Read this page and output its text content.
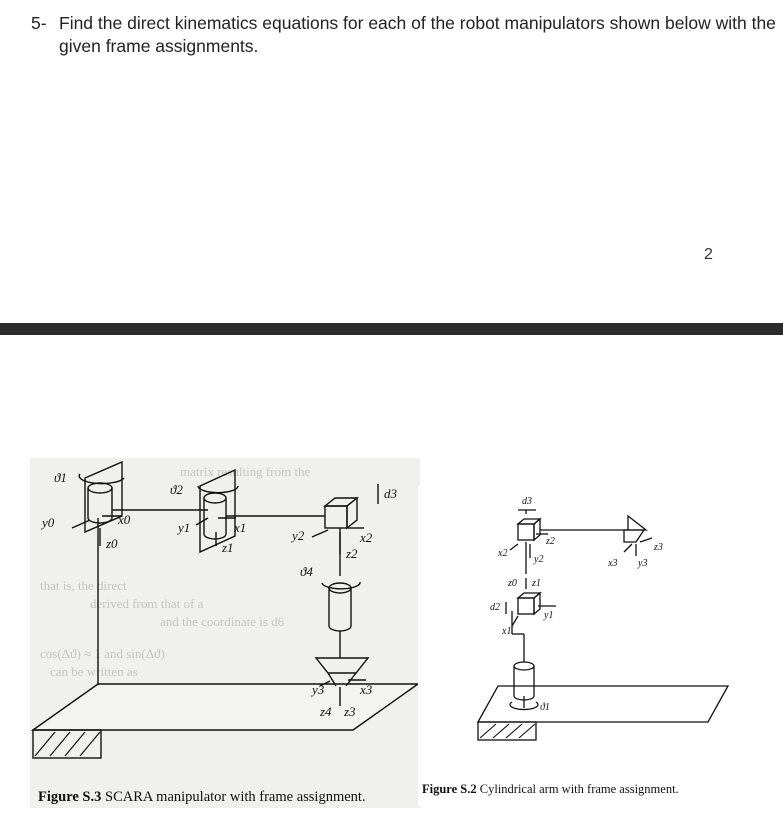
5- Find the direct kinematics equations for each of the robot manipulators shown below with the given frame assignments.
2
matrix resulting from the
that is, the direct
derived from that of a
and the coordinate is d6
cos(Δϑ) ≈ 1 and sin(Δϑ)
can be written as
ϑ1
ϑ2
y0	x0
z0
y1	x1
z1
y2	x2
z2
d3
ϑ4
y3	x3
z4 z3
d3
x2
y2
z2
z0 z1
d2
x1
y1
x3 y3
z3
ϑ1
Figure S.3 SCARA manipulator with frame assignment.	Figure S.2 Cylindrical arm with frame assignment.
